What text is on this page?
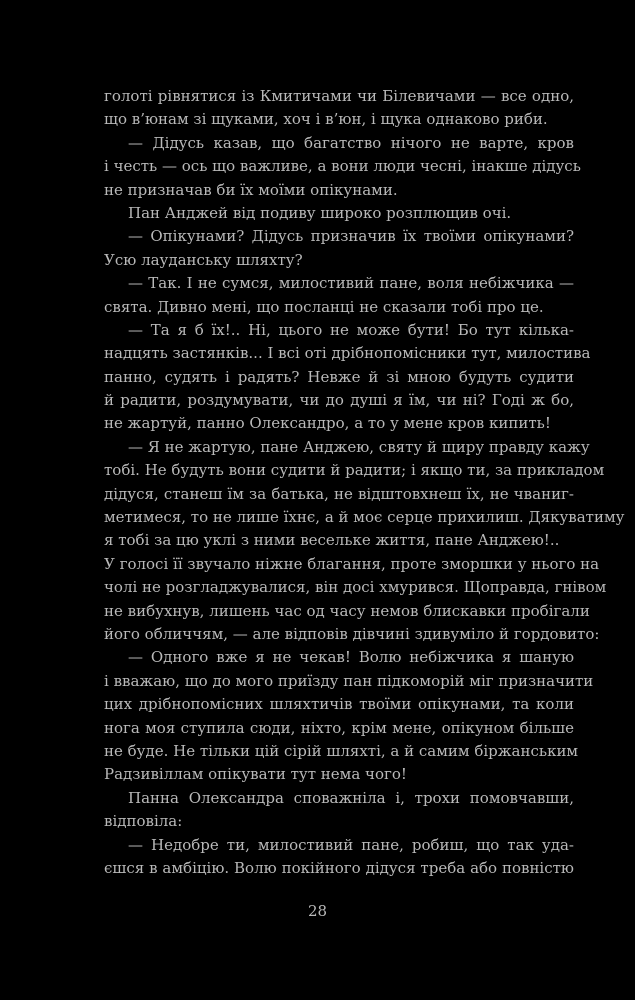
голоті рівнятися із Кмитичами чи Білевичами — все одно,
що в’юнам зі щуками, хоч і в’юн, і щука однаково риби.
— Дідусь казав, що багатство нічого не варте, кров
і честь — ось що важливе, а вони люди чесні, інакше дідусь
не призначав би їх моїми опікунами.
Пан Анджей від подиву широко розплющив очі.
— Опікунами? Дідусь призначив їх твоїми опікунами?
Усю лауданську шляхту?
— Так. І не сумся, милостивий пане, воля небіжчика —
свята. Дивно мені, що посланці не сказали тобі про це.
— Та я б їх!.. Ні, цього не може бути! Бо тут кілька-
надцять застянків... І всі оті дрібнопомісники тут, милостива
панно, судять і радять? Невже й зі мною будуть судити
й радити, роздумувати, чи до душі я їм, чи ні? Годі ж бо,
не жартуй, панно Олександро, а то у мене кров кипить!
— Я не жартую, пане Анджею, святу й щиру правду кажу
тобі. Не будуть вони судити й радити; і якщо ти, за прикладом
дідуся, станеш їм за батька, не відштовхнеш їх, не чваниг-
метимеся, то не лише їхнє, а й моє серце прихилиш. Дякуватиму
я тобі за цю уклі з ними весельке життя, пане Анджею!..
У голосі її звучало ніжне благання, проте зморшки у нього на
чолі не розгладжувалися, він досі хмурився. Щоправда, гнівом
не вибухнув, лишень час од часу немов блискавки пробігали
його обличчям, — але відповів дівчині здивуміло й гордовито:
— Одного вже я не чекав! Волю небіжчика я шаную
і вважаю, що до мого приїзду пан підкоморій міг призначити
цих дрібнопомісних шляхтичів твоїми опікунами, та коли
нога моя ступила сюди, ніхто, крім мене, опікуном більше
не буде. Не тільки цій сірій шляхті, а й самим біржанським
Радзивіллам опікувати тут нема чого!
Панна Олександра споважніла і, трохи помовчавши,
відповіла:
— Недобре ти, милостивий пане, робиш, що так уда-
єшся в амбіцію. Волю покійного дідуся треба або повністю
28
